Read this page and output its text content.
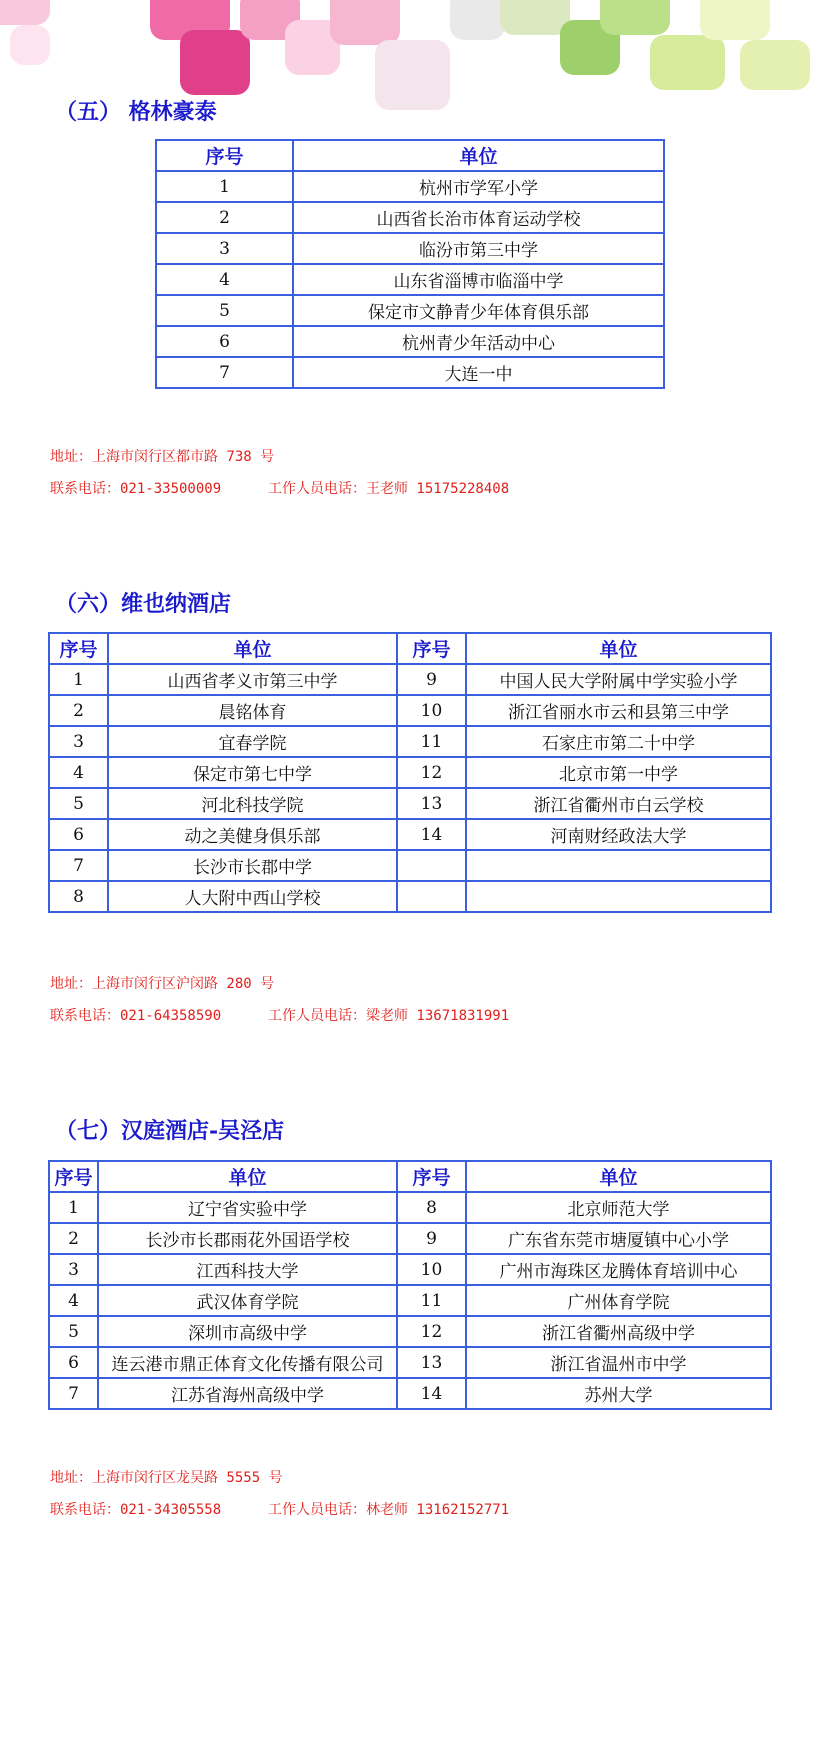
（五） 格林豪泰
序号	单位
1	杭州市学军小学
2	山西省长治市体育运动学校
3	临汾市第三中学
4	山东省淄博市临淄中学
5	保定市文静青少年体育俱乐部
6	杭州青少年活动中心
7	大连一中
地址：上海市闵行区都市路 738 号
联系电话：021-33500009	工作人员电话：王老师 15175228408
（六）维也纳酒店
序号	单位	序号	单位
1	山西省孝义市第三中学	9	中国人民大学附属中学实验小学
2	晨铭体育	10	浙江省丽水市云和县第三中学
3	宜春学院	11	石家庄市第二十中学
4	保定市第七中学	12	北京市第一中学
5	河北科技学院	13	浙江省衢州市白云学校
6	动之美健身俱乐部	14	河南财经政法大学
7	长沙市长郡中学		
8	人大附中西山学校		
地址：上海市闵行区沪闵路 280 号
联系电话：021-64358590	工作人员电话：梁老师 13671831991
（七）汉庭酒店-吴泾店
序号	单位	序号	单位
1	辽宁省实验中学	8	北京师范大学
2	长沙市长郡雨花外国语学校	9	广东省东莞市塘厦镇中心小学
3	江西科技大学	10	广州市海珠区龙腾体育培训中心
4	武汉体育学院	11	广州体育学院
5	深圳市高级中学	12	浙江省衢州高级中学
6	连云港市鼎正体育文化传播有限公司	13	浙江省温州市中学
7	江苏省海州高级中学	14	苏州大学
地址：上海市闵行区龙吴路 5555 号
联系电话：021-34305558	工作人员电话：林老师 13162152771
